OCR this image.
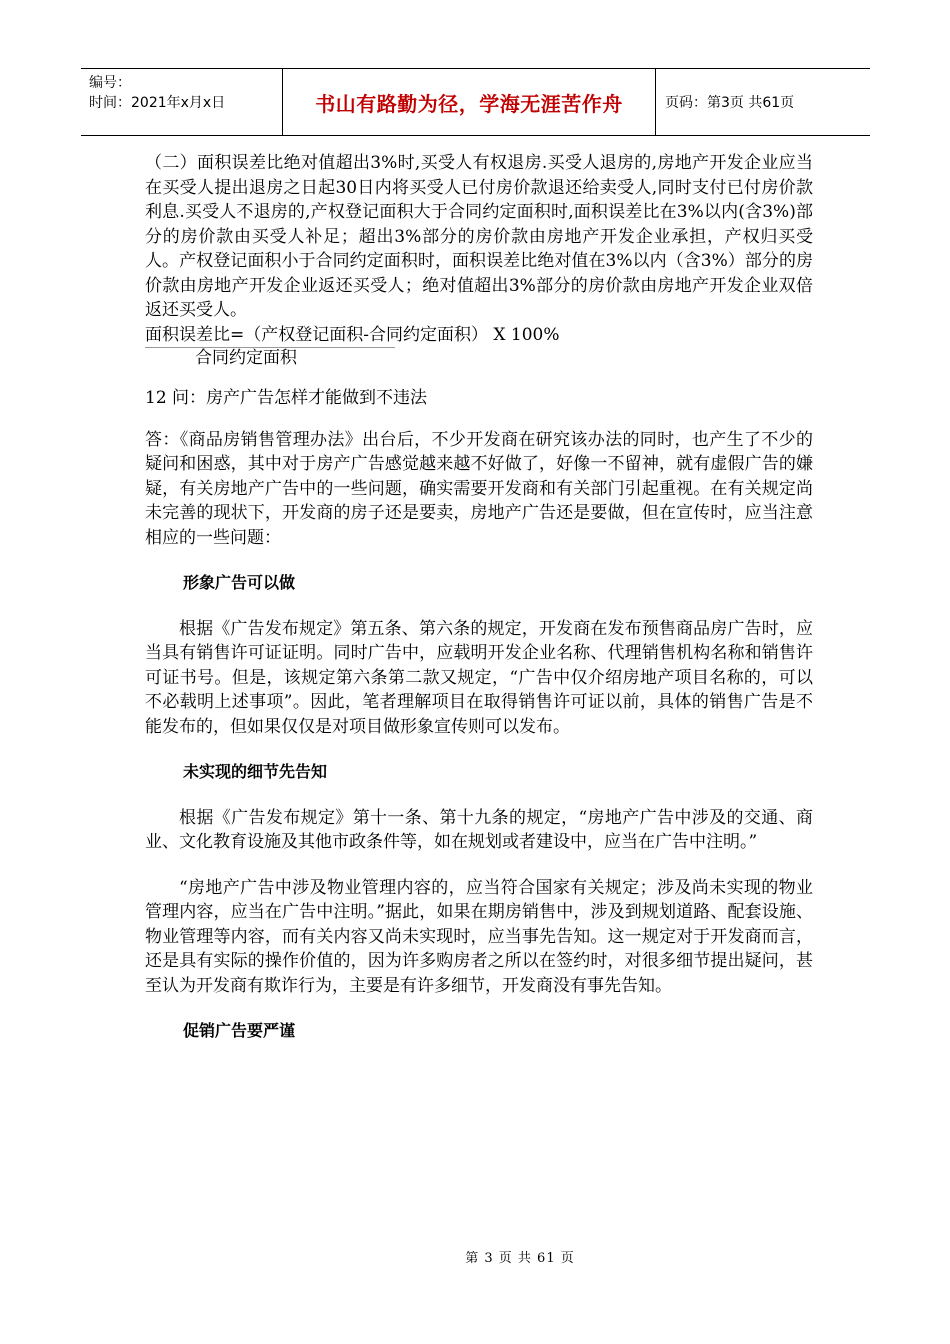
编号：
时间：2021年x月x日	书山有路勤为径，学海无涯苦作舟	页码：第3页 共61页

（二）面积误差比绝对值超出3%时,买受人有权退房.买受人退房的,房地产开发企业应当在买受人提出退房之日起30日内将买受人已付房价款退还给卖受人,同时支付已付房价款利息.买受人不退房的,产权登记面积大于合同约定面积时,面积误差比在3%以内(含3%)部分的房价款由买受人补足；超出3%部分的房价款由房地产开发企业承担，产权归买受人。产权登记面积小于合同约定面积时，面积误差比绝对值在3%以内（含3%）部分的房价款由房地产开发企业返还买受人；绝对值超出3%部分的房价款由房地产开发企业双倍返还买受人。

面积误差比=（产权登记面积-合同约定面积） X 100%

合同约定面积

12 问：房产广告怎样才能做到不违法

答：《商品房销售管理办法》出台后，不少开发商在研究该办法的同时，也产生了不少的疑问和困惑，其中对于房产广告感觉越来越不好做了，好像一不留神，就有虚假广告的嫌疑，有关房地产广告中的一些问题，确实需要开发商和有关部门引起重视。在有关规定尚未完善的现状下，开发商的房子还是要卖，房地产广告还是要做，但在宣传时，应当注意相应的一些问题：

形象广告可以做

根据《广告发布规定》第五条、第六条的规定，开发商在发布预售商品房广告时，应当具有销售许可证证明。同时广告中，应载明开发企业名称、代理销售机构名称和销售许可证书号。但是，该规定第六条第二款又规定，“广告中仅介绍房地产项目名称的，可以不必载明上述事项”。因此，笔者理解项目在取得销售许可证以前，具体的销售广告是不能发布的，但如果仅仅是对项目做形象宣传则可以发布。

未实现的细节先告知

根据《广告发布规定》第十一条、第十九条的规定，“房地产广告中涉及的交通、商业、文化教育设施及其他市政条件等，如在规划或者建设中，应当在广告中注明。”

“房地产广告中涉及物业管理内容的，应当符合国家有关规定；涉及尚未实现的物业管理内容，应当在广告中注明。”据此，如果在期房销售中，涉及到规划道路、配套设施、物业管理等内容，而有关内容又尚未实现时，应当事先告知。这一规定对于开发商而言，还是具有实际的操作价值的，因为许多购房者之所以在签约时，对很多细节提出疑问，甚至认为开发商有欺诈行为，主要是有许多细节，开发商没有事先告知。

促销广告要严谨

第 3 页 共 61 页
